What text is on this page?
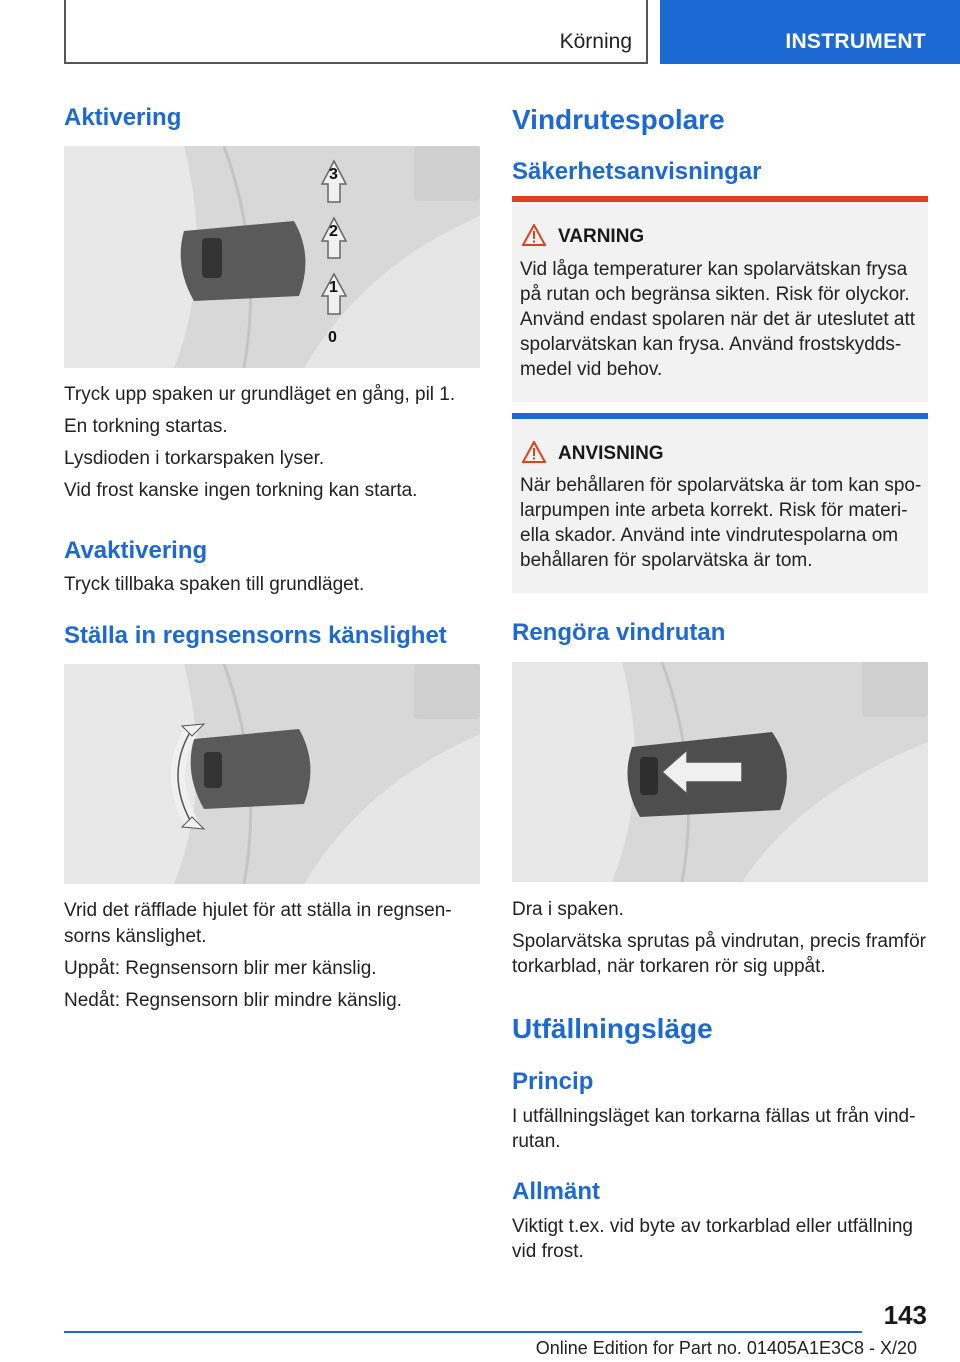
Körning	INSTRUMENT
Aktivering
3
2
1
0

Tryck upp spaken ur grundläget en gång, pil 1.

En torkning startas.

Lysdioden i torkarspaken lyser.

Vid frost kanske ingen torkning kan starta.

Avaktivering

Tryck tillbaka spaken till grundläget.

Ställa in regnsensorns känslighet

Vrid det räfflade hjulet för att ställa in regnsen-

sorns känslighet.

Uppåt: Regnsensorn blir mer känslig.

Nedåt: Regnsensorn blir mindre känslig.

Vindrutespolare
Säkerhetsanvisningar
VARNING

Vid låga temperaturer kan spolarvätskan frysa

på rutan och begränsa sikten. Risk för olyckor.

Använd endast spolaren när det är uteslutet att

spolarvätskan kan frysa. Använd frostskydds-

medel vid behov.

ANVISNING

När behållaren för spolarvätska är tom kan spo-

larpumpen inte arbeta korrekt. Risk för materi-

ella skador. Använd inte vindrutespolarna om

behållaren för spolarvätska är tom.

Rengöra vindrutan

Dra i spaken.

Spolarvätska sprutas på vindrutan, precis framför

torkarblad, när torkaren rör sig uppåt.

Utfällningsläge
Princip

I utfällningsläget kan torkarna fällas ut från vind-

rutan.

Allmänt

Viktigt t.ex. vid byte av torkarblad eller utfällning

vid frost.

143
Online Edition for Part no. 01405A1E3C8 - X/20
